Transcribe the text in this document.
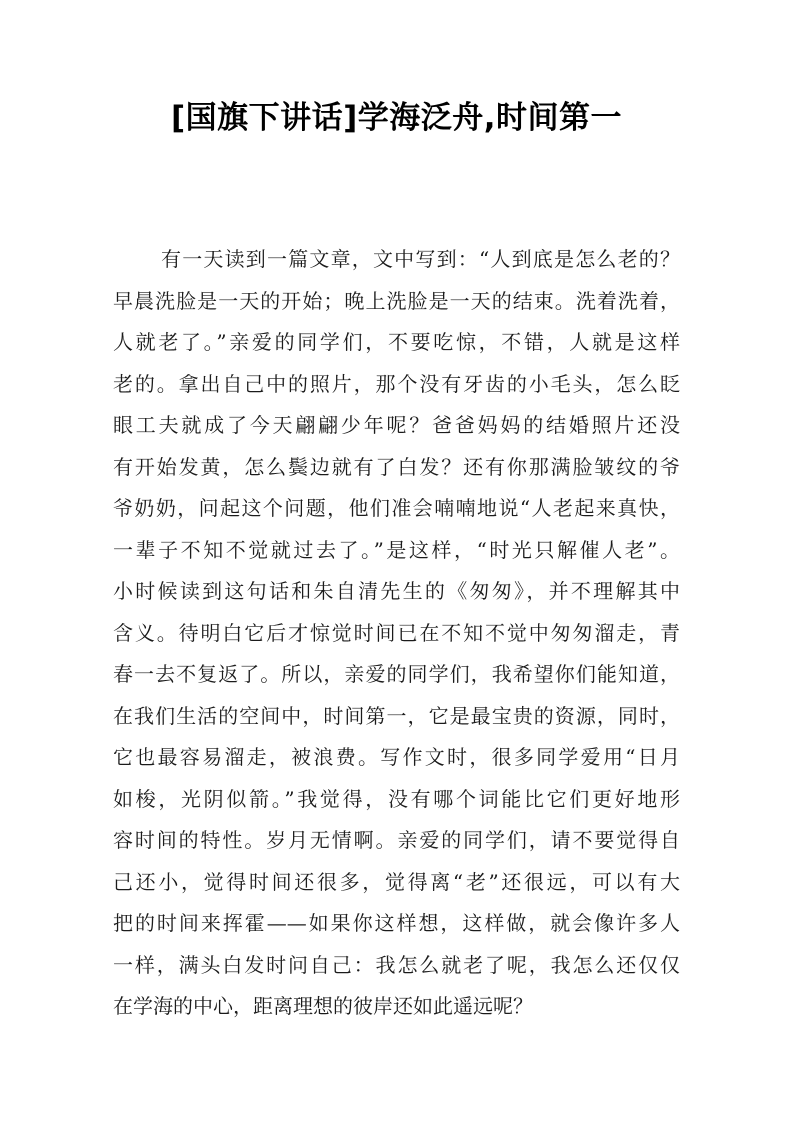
[国旗下讲话]学海泛舟,时间第一
有一天读到一篇文章，文中写到：“人到底是怎么老的？
早晨洗脸是一天的开始；晚上洗脸是一天的结束。洗着洗着，
人就老了。”亲爱的同学们，不要吃惊，不错，人就是这样
老的。拿出自己中的照片，那个没有牙齿的小毛头，怎么眨
眼工夫就成了今天翩翩少年呢？爸爸妈妈的结婚照片还没
有开始发黄，怎么鬓边就有了白发？还有你那满脸皱纹的爷
爷奶奶，问起这个问题，他们准会喃喃地说“人老起来真快，
一辈子不知不觉就过去了。”是这样，“时光只解催人老”。
小时候读到这句话和朱自清先生的《匆匆》，并不理解其中
含义。待明白它后才惊觉时间已在不知不觉中匆匆溜走，青
春一去不复返了。所以，亲爱的同学们，我希望你们能知道，
在我们生活的空间中，时间第一，它是最宝贵的资源，同时，
它也最容易溜走，被浪费。写作文时，很多同学爱用“日月
如梭，光阴似箭。”我觉得，没有哪个词能比它们更好地形
容时间的特性。岁月无情啊。亲爱的同学们，请不要觉得自
己还小，觉得时间还很多，觉得离“老”还很远，可以有大
把的时间来挥霍——如果你这样想，这样做，就会像许多人
一样，满头白发时问自己：我怎么就老了呢，我怎么还仅仅
在学海的中心，距离理想的彼岸还如此遥远呢？
